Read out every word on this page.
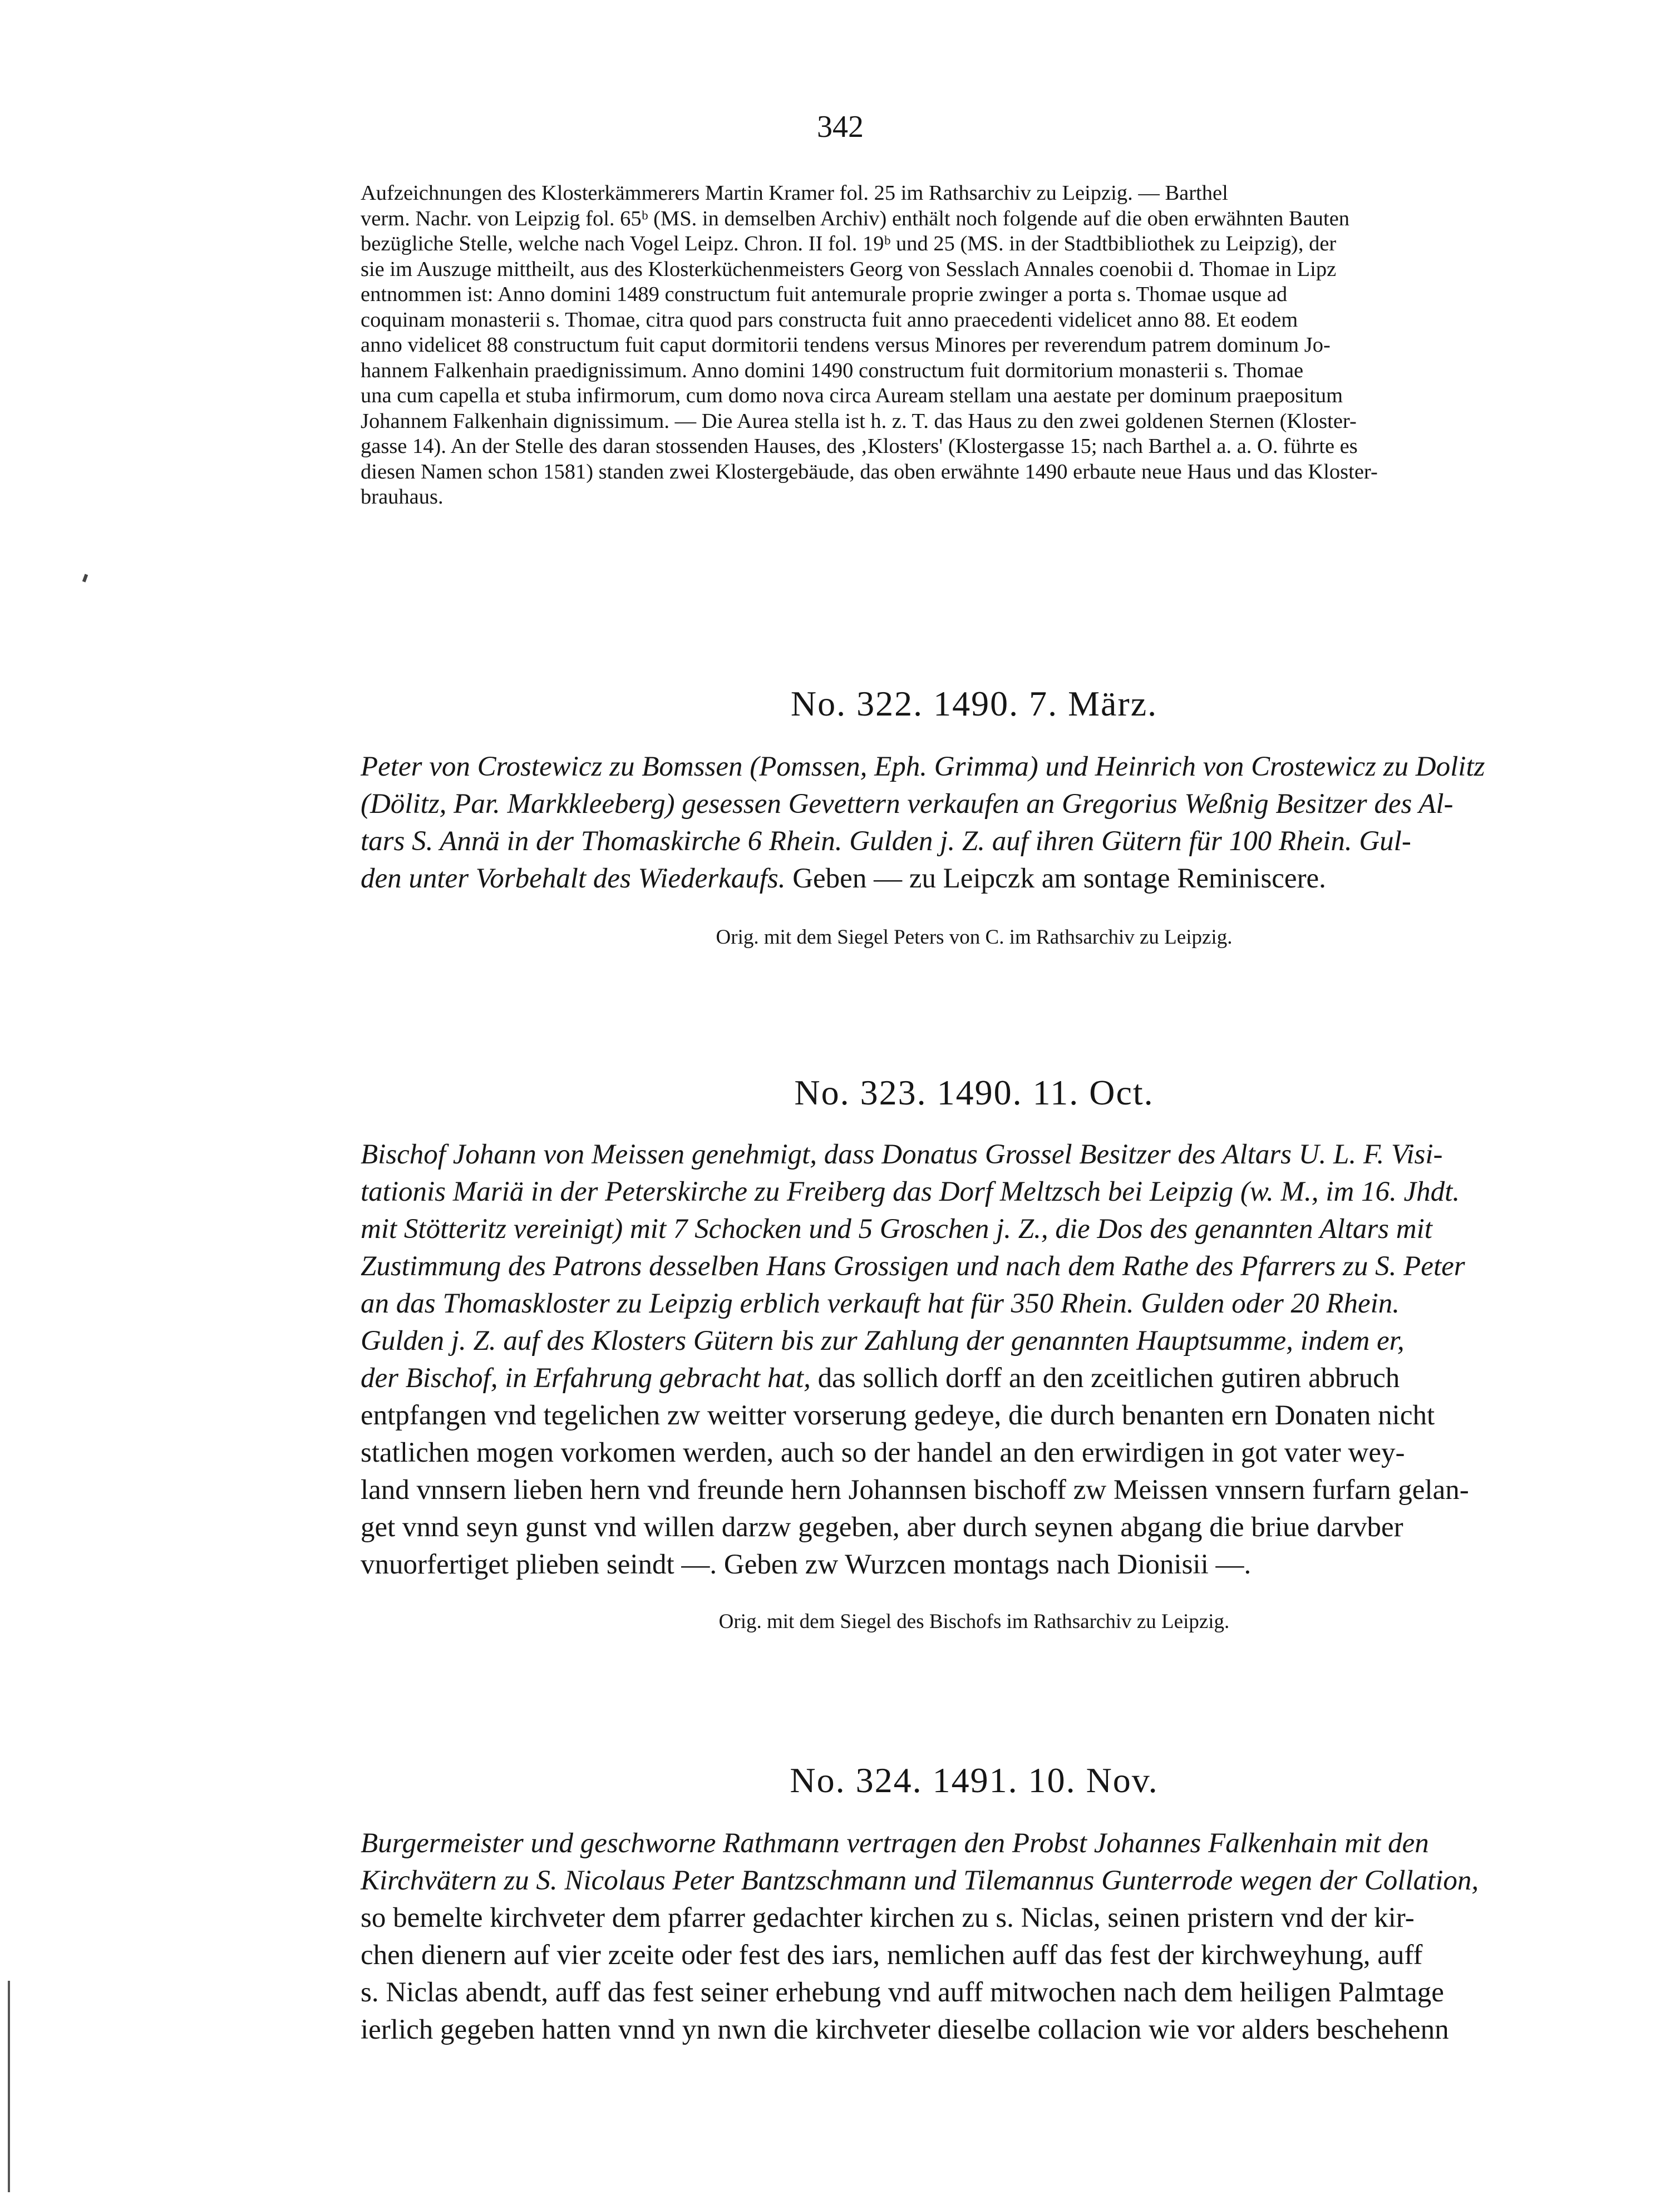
342
Aufzeichnungen des Klosterkämmerers Martin Kramer fol. 25 im Rathsarchiv zu Leipzig. — Barthel
verm. Nachr. von Leipzig fol. 65ᵇ (MS. in demselben Archiv) enthält noch folgende auf die oben erwähnten Bauten
bezügliche Stelle, welche nach Vogel Leipz. Chron. II fol. 19ᵇ und 25 (MS. in der Stadtbibliothek zu Leipzig), der
sie im Auszuge mittheilt, aus des Klosterküchenmeisters Georg von Sesslach Annales coenobii d. Thomae in Lipz
entnommen ist: Anno domini 1489 constructum fuit antemurale proprie zwinger a porta s. Thomae usque ad
coquinam monasterii s. Thomae, citra quod pars constructa fuit anno praecedenti videlicet anno 88. Et eodem
anno videlicet 88 constructum fuit caput dormitorii tendens versus Minores per reverendum patrem dominum Jo-
hannem Falkenhain praedignissimum. Anno domini 1490 constructum fuit dormitorium monasterii s. Thomae
una cum capella et stuba infirmorum, cum domo nova circa Auream stellam una aestate per dominum praepositum
Johannem Falkenhain dignissimum. — Die Aurea stella ist h. z. T. das Haus zu den zwei goldenen Sternen (Kloster-
gasse 14). An der Stelle des daran stossenden Hauses, des ‚Klosters' (Klostergasse 15; nach Barthel a. a. O. führte es
diesen Namen schon 1581) standen zwei Klostergebäude, das oben erwähnte 1490 erbaute neue Haus und das Kloster-
brauhaus.
No. 322. 1490. 7. März.
Peter von Crostewicz zu Bomssen (Pomssen, Eph. Grimma) und Heinrich von Crostewicz zu Dolitz
(Dölitz, Par. Markkleeberg) gesessen Gevettern verkaufen an Gregorius Weßnig Besitzer des Al-
tars S. Annä in der Thomaskirche 6 Rhein. Gulden j. Z. auf ihren Gütern für 100 Rhein. Gul-
den unter Vorbehalt des Wiederkaufs. Geben — zu Leipczk am sontage Reminiscere.
Orig. mit dem Siegel Peters von C. im Rathsarchiv zu Leipzig.
No. 323. 1490. 11. Oct.
Bischof Johann von Meissen genehmigt, dass Donatus Grossel Besitzer des Altars U. L. F. Visi-
tationis Mariä in der Peterskirche zu Freiberg das Dorf Meltzsch bei Leipzig (w. M., im 16. Jhdt.
mit Stötteritz vereinigt) mit 7 Schocken und 5 Groschen j. Z., die Dos des genannten Altars mit
Zustimmung des Patrons desselben Hans Grossigen und nach dem Rathe des Pfarrers zu S. Peter
an das Thomaskloster zu Leipzig erblich verkauft hat für 350 Rhein. Gulden oder 20 Rhein.
Gulden j. Z. auf des Klosters Gütern bis zur Zahlung der genannten Hauptsumme, indem er,
der Bischof, in Erfahrung gebracht hat, das sollich dorff an den zceitlichen gutiren abbruch
entpfangen vnd tegelichen zw weitter vorserung gedeye, die durch benanten ern Donaten nicht
statlichen mogen vorkomen werden, auch so der handel an den erwirdigen in got vater wey-
land vnnsern lieben hern vnd freunde hern Johannsen bischoff zw Meissen vnnsern furfarn gelan-
get vnnd seyn gunst vnd willen darzw gegeben, aber durch seynen abgang die briue darvber
vnuorfertiget plieben seindt —. Geben zw Wurzcen montags nach Dionisii —.
Orig. mit dem Siegel des Bischofs im Rathsarchiv zu Leipzig.
No. 324. 1491. 10. Nov.
Burgermeister und geschworne Rathmann vertragen den Probst Johannes Falkenhain mit den
Kirchvätern zu S. Nicolaus Peter Bantzschmann und Tilemannus Gunterrode wegen der Collation,
so bemelte kirchveter dem pfarrer gedachter kirchen zu s. Niclas, seinen pristern vnd der kir-
chen dienern auf vier zceite oder fest des iars, nemlichen auff das fest der kirchweyhung, auff
s. Niclas abendt, auff das fest seiner erhebung vnd auff mitwochen nach dem heiligen Palmtage
ierlich gegeben hatten vnnd yn nwn die kirchveter dieselbe collacion wie vor alders beschehenn
